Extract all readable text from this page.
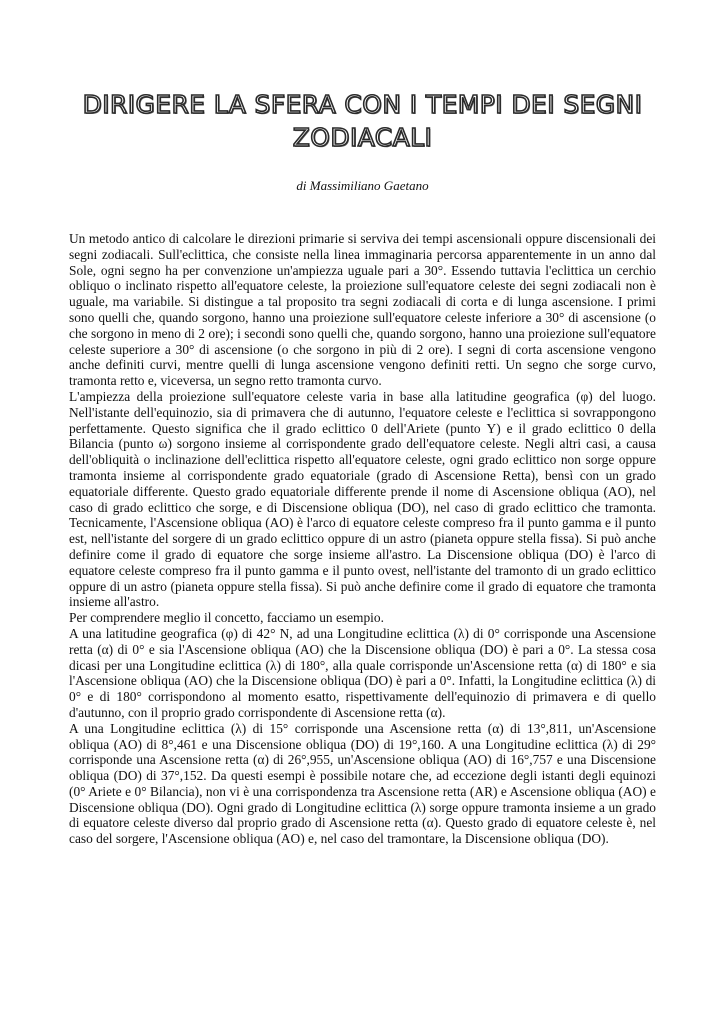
DIRIGERE LA SFERA CON I TEMPI DEI SEGNI
ZODIACALI
di Massimiliano Gaetano

Un metodo antico di calcolare le direzioni primarie si serviva dei tempi ascensionali oppure discensionali dei segni zodiacali. Sull'eclittica, che consiste nella linea immaginaria percorsa apparentemente in un anno dal Sole, ogni segno ha per convenzione un'ampiezza uguale pari a 30°. Essendo tuttavia l'eclittica un cerchio obliquo o inclinato rispetto all'equatore celeste, la proiezione sull'equatore celeste dei segni zodiacali non è uguale, ma variabile. Si distingue a tal proposito tra segni zodiacali di corta e di lunga ascensione. I primi sono quelli che, quando sorgono, hanno una proiezione sull'equatore celeste inferiore a 30° di ascensione (o che sorgono in meno di 2 ore); i secondi sono quelli che, quando sorgono, hanno una proiezione sull'equatore celeste superiore a 30° di ascensione (o che sorgono in più di 2 ore). I segni di corta ascensione vengono anche definiti curvi, mentre quelli di lunga ascensione vengono definiti retti. Un segno che sorge curvo, tramonta retto e, viceversa, un segno retto tramonta curvo.

L'ampiezza della proiezione sull'equatore celeste varia in base alla latitudine geografica (φ) del luogo. Nell'istante dell'equinozio, sia di primavera che di autunno, l'equatore celeste e l'eclittica si sovrappongono perfettamente. Questo significa che il grado eclittico 0 dell'Ariete (punto Υ) e il grado eclittico 0 della Bilancia (punto ω) sorgono insieme al corrispondente grado dell'equatore celeste. Negli altri casi, a causa dell'obliquità o inclinazione dell'eclittica rispetto all'equatore celeste, ogni grado eclittico non sorge oppure tramonta insieme al corrispondente grado equatoriale (grado di Ascensione Retta), bensì con un grado equatoriale differente. Questo grado equatoriale differente prende il nome di Ascensione obliqua (AO), nel caso di grado eclittico che sorge, e di Discensione obliqua (DO), nel caso di grado eclittico che tramonta. Tecnicamente, l'Ascensione obliqua (AO) è l'arco di equatore celeste compreso fra il punto gamma e il punto est, nell'istante del sorgere di un grado eclittico oppure di un astro (pianeta oppure stella fissa). Si può anche definire come il grado di equatore che sorge insieme all'astro. La Discensione obliqua (DO) è l'arco di equatore celeste compreso fra il punto gamma e il punto ovest, nell'istante del tramonto di un grado eclittico oppure di un astro (pianeta oppure stella fissa). Si può anche definire come il grado di equatore che tramonta insieme all'astro.

Per comprendere meglio il concetto, facciamo un esempio.

A una latitudine geografica (φ) di 42° N, ad una Longitudine eclittica (λ) di 0° corrisponde una Ascensione retta (α) di 0° e sia l'Ascensione obliqua (AO) che la Discensione obliqua (DO) è pari a 0°. La stessa cosa dicasi per una Longitudine eclittica (λ) di 180°, alla quale corrisponde un'Ascensione retta (α) di 180° e sia l'Ascensione obliqua (AO) che la Discensione obliqua (DO) è pari a 0°. Infatti, la Longitudine eclittica (λ) di 0° e di 180° corrispondono al momento esatto, rispettivamente dell'equinozio di primavera e di quello d'autunno, con il proprio grado corrispondente di Ascensione retta (α).

A una Longitudine eclittica (λ) di 15° corrisponde una Ascensione retta (α) di 13°,811, un'Ascensione obliqua (AO) di 8°,461 e una Discensione obliqua (DO) di 19°,160. A una Longitudine eclittica (λ) di 29° corrisponde una Ascensione retta (α) di 26°,955, un'Ascensione obliqua (AO) di 16°,757 e una Discensione obliqua (DO) di 37°,152. Da questi esempi è possibile notare che, ad eccezione degli istanti degli equinozi (0° Ariete e 0° Bilancia), non vi è una corrispondenza tra Ascensione retta (AR) e Ascensione obliqua (AO) e Discensione obliqua (DO). Ogni grado di Longitudine eclittica (λ) sorge oppure tramonta insieme a un grado di equatore celeste diverso dal proprio grado di Ascensione retta (α). Questo grado di equatore celeste è, nel caso del sorgere, l'Ascensione obliqua (AO) e, nel caso del tramontare, la Discensione obliqua (DO).
